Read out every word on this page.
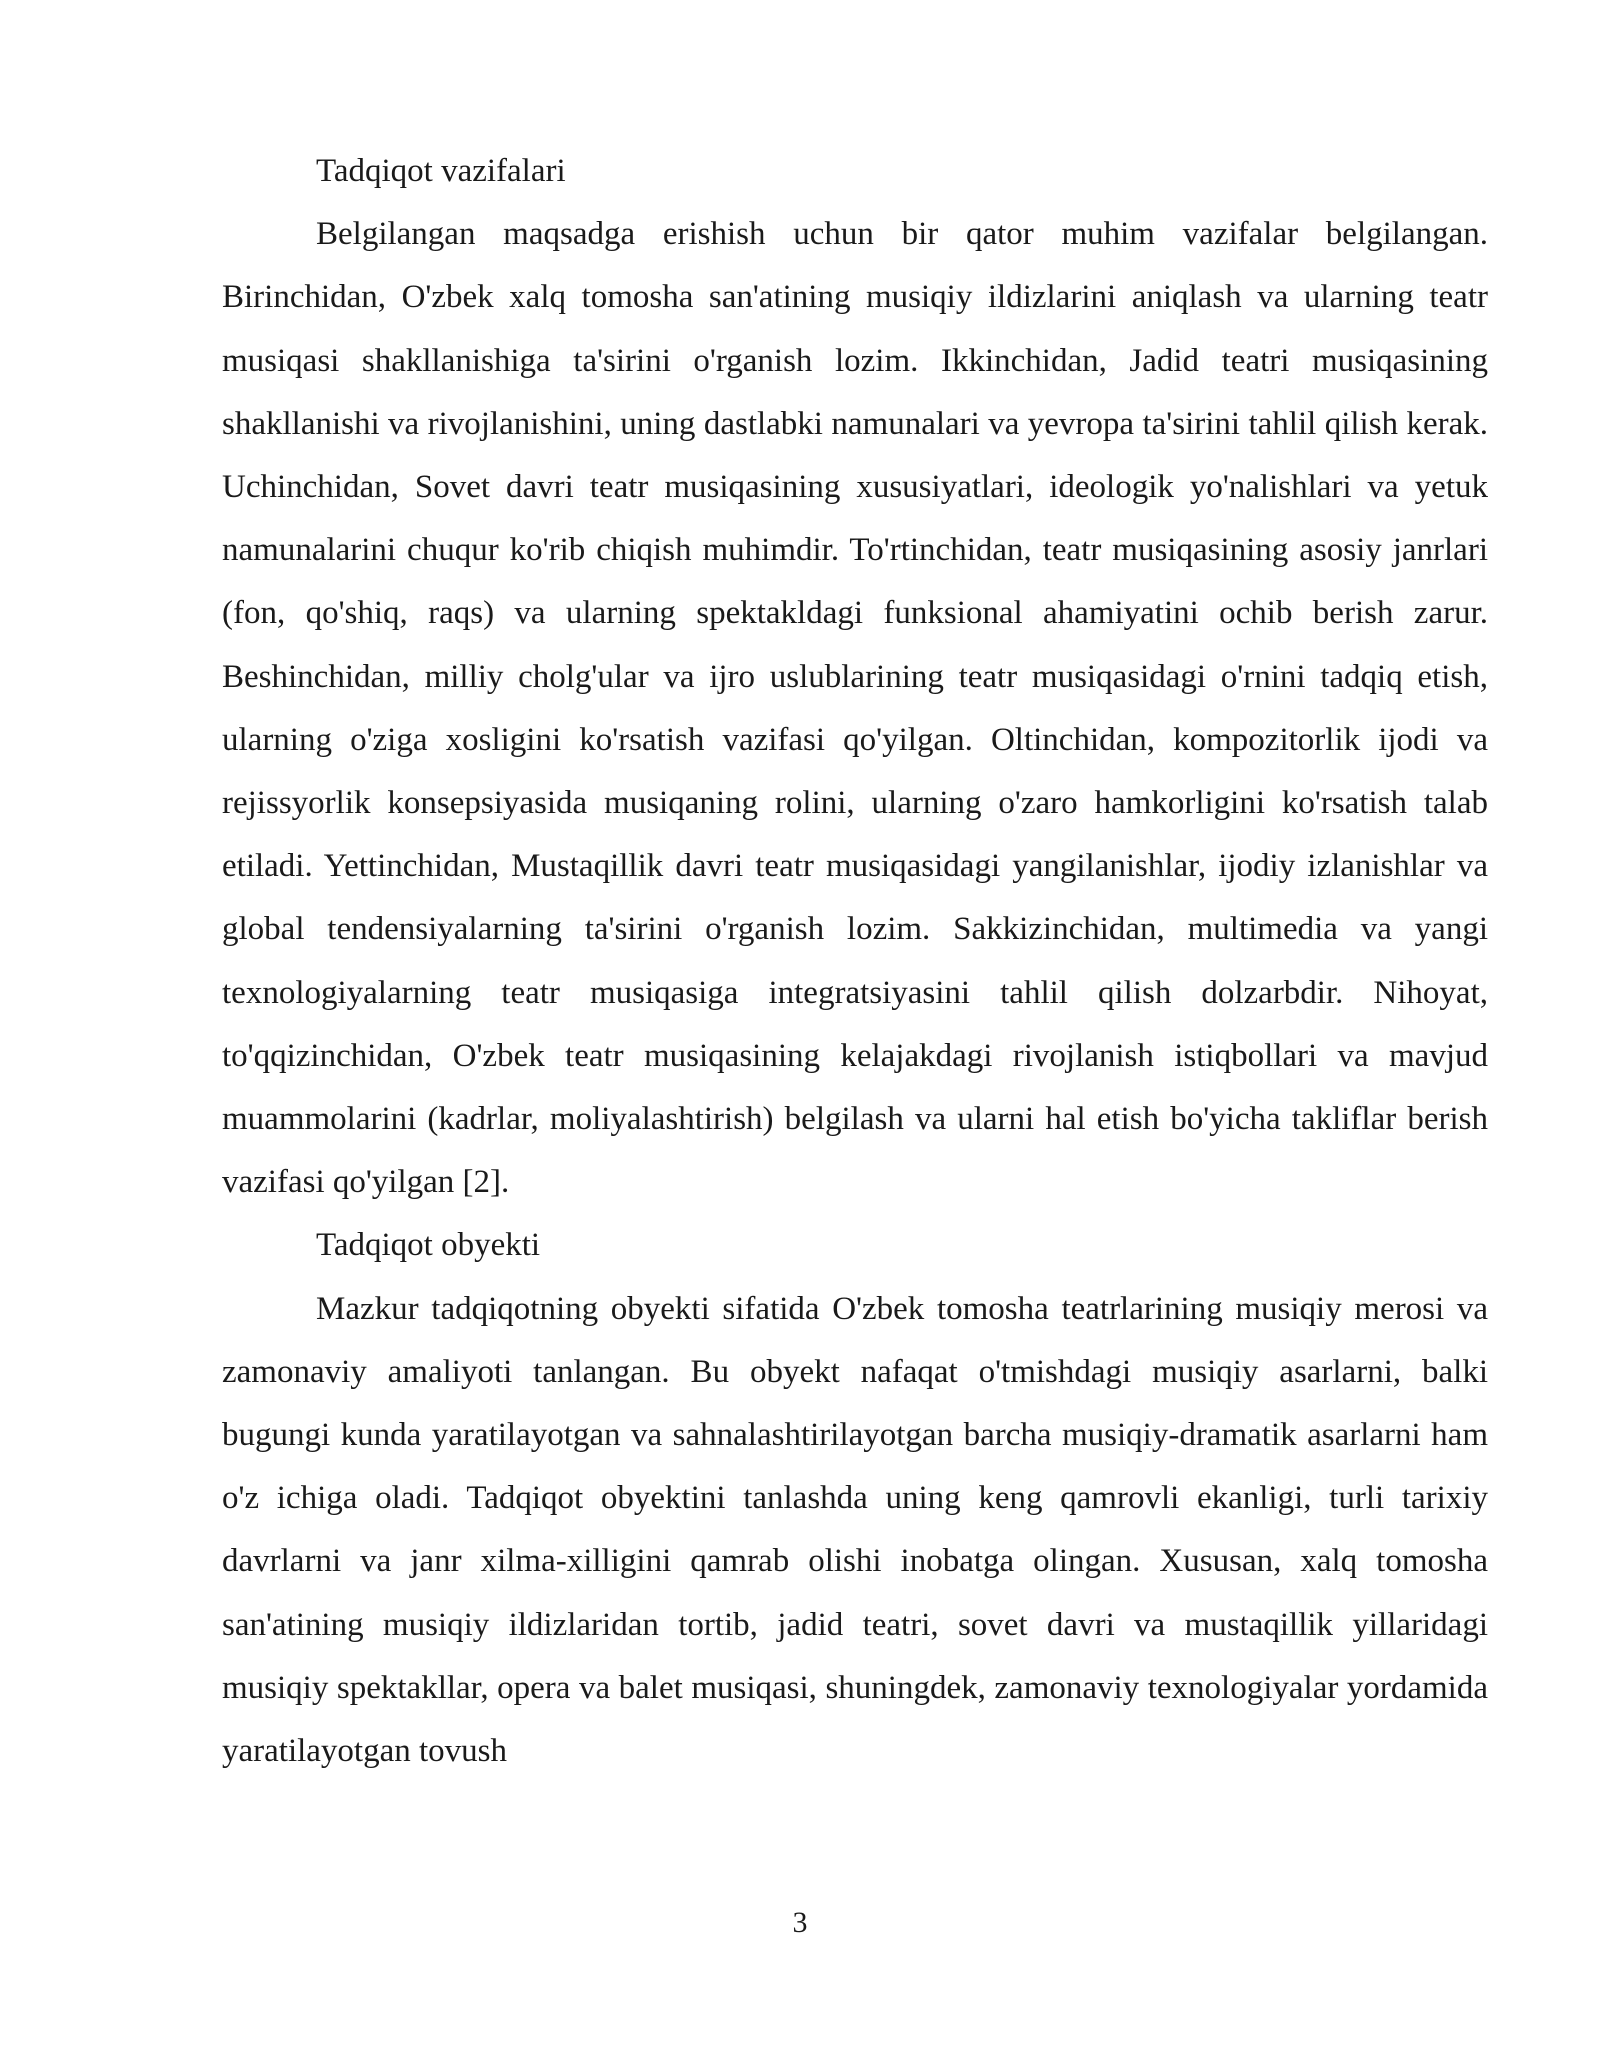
Tadqiqot vazifalari

Belgilangan maqsadga erishish uchun bir qator muhim vazifalar belgilangan. Birinchidan, O'zbek xalq tomosha san'atining musiqiy ildizlarini aniqlash va ularning teatr musiqasi shakllanishiga ta'sirini o'rganish lozim. Ikkinchidan, Jadid teatri musiqasining shakllanishi va rivojlanishini, uning dastlabki namunalari va yevropa ta'sirini tahlil qilish kerak. Uchinchidan, Sovet davri teatr musiqasining xususiyatlari, ideologik yo'nalishlari va yetuk namunalarini chuqur ko'rib chiqish muhimdir. To'rtinchidan, teatr musiqasining asosiy janrlari (fon, qo'shiq, raqs) va ularning spektakldagi funksional ahamiyatini ochib berish zarur. Beshinchidan, milliy cholg'ular va ijro uslublarining teatr musiqasidagi o'rnini tadqiq etish, ularning o'ziga xosligini ko'rsatish vazifasi qo'yilgan. Oltinchidan, kompozitorlik ijodi va rejissyorlik konsepsiyasida musiqaning rolini, ularning o'zaro hamkorligini ko'rsatish talab etiladi. Yettinchidan, Mustaqillik davri teatr musiqasidagi yangilanishlar, ijodiy izlanishlar va global tendensiyalarning ta'sirini o'rganish lozim. Sakkizinchidan, multimedia va yangi texnologiyalarning teatr musiqasiga integratsiyasini tahlil qilish dolzarbdir. Nihoyat, to'qqizinchidan, O'zbek teatr musiqasining kelajakdagi rivojlanish istiqbollari va mavjud muammolarini (kadrlar, moliyalashtirish) belgilash va ularni hal etish bo'yicha takliflar berish vazifasi qo'yilgan [2].

Tadqiqot obyekti

Mazkur tadqiqotning obyekti sifatida O'zbek tomosha teatrlarining musiqiy merosi va zamonaviy amaliyoti tanlangan. Bu obyekt nafaqat o'tmishdagi musiqiy asarlarni, balki bugungi kunda yaratilayotgan va sahnalashtirilayotgan barcha musiqiy-dramatik asarlarni ham o'z ichiga oladi. Tadqiqot obyektini tanlashda uning keng qamrovli ekanligi, turli tarixiy davrlarni va janr xilma-xilligini qamrab olishi inobatga olingan. Xususan, xalq tomosha san'atining musiqiy ildizlaridan tortib, jadid teatri, sovet davri va mustaqillik yillaridagi musiqiy spektakllar, opera va balet musiqasi, shuningdek, zamonaviy texnologiyalar yordamida yaratilayotgan tovush

3
